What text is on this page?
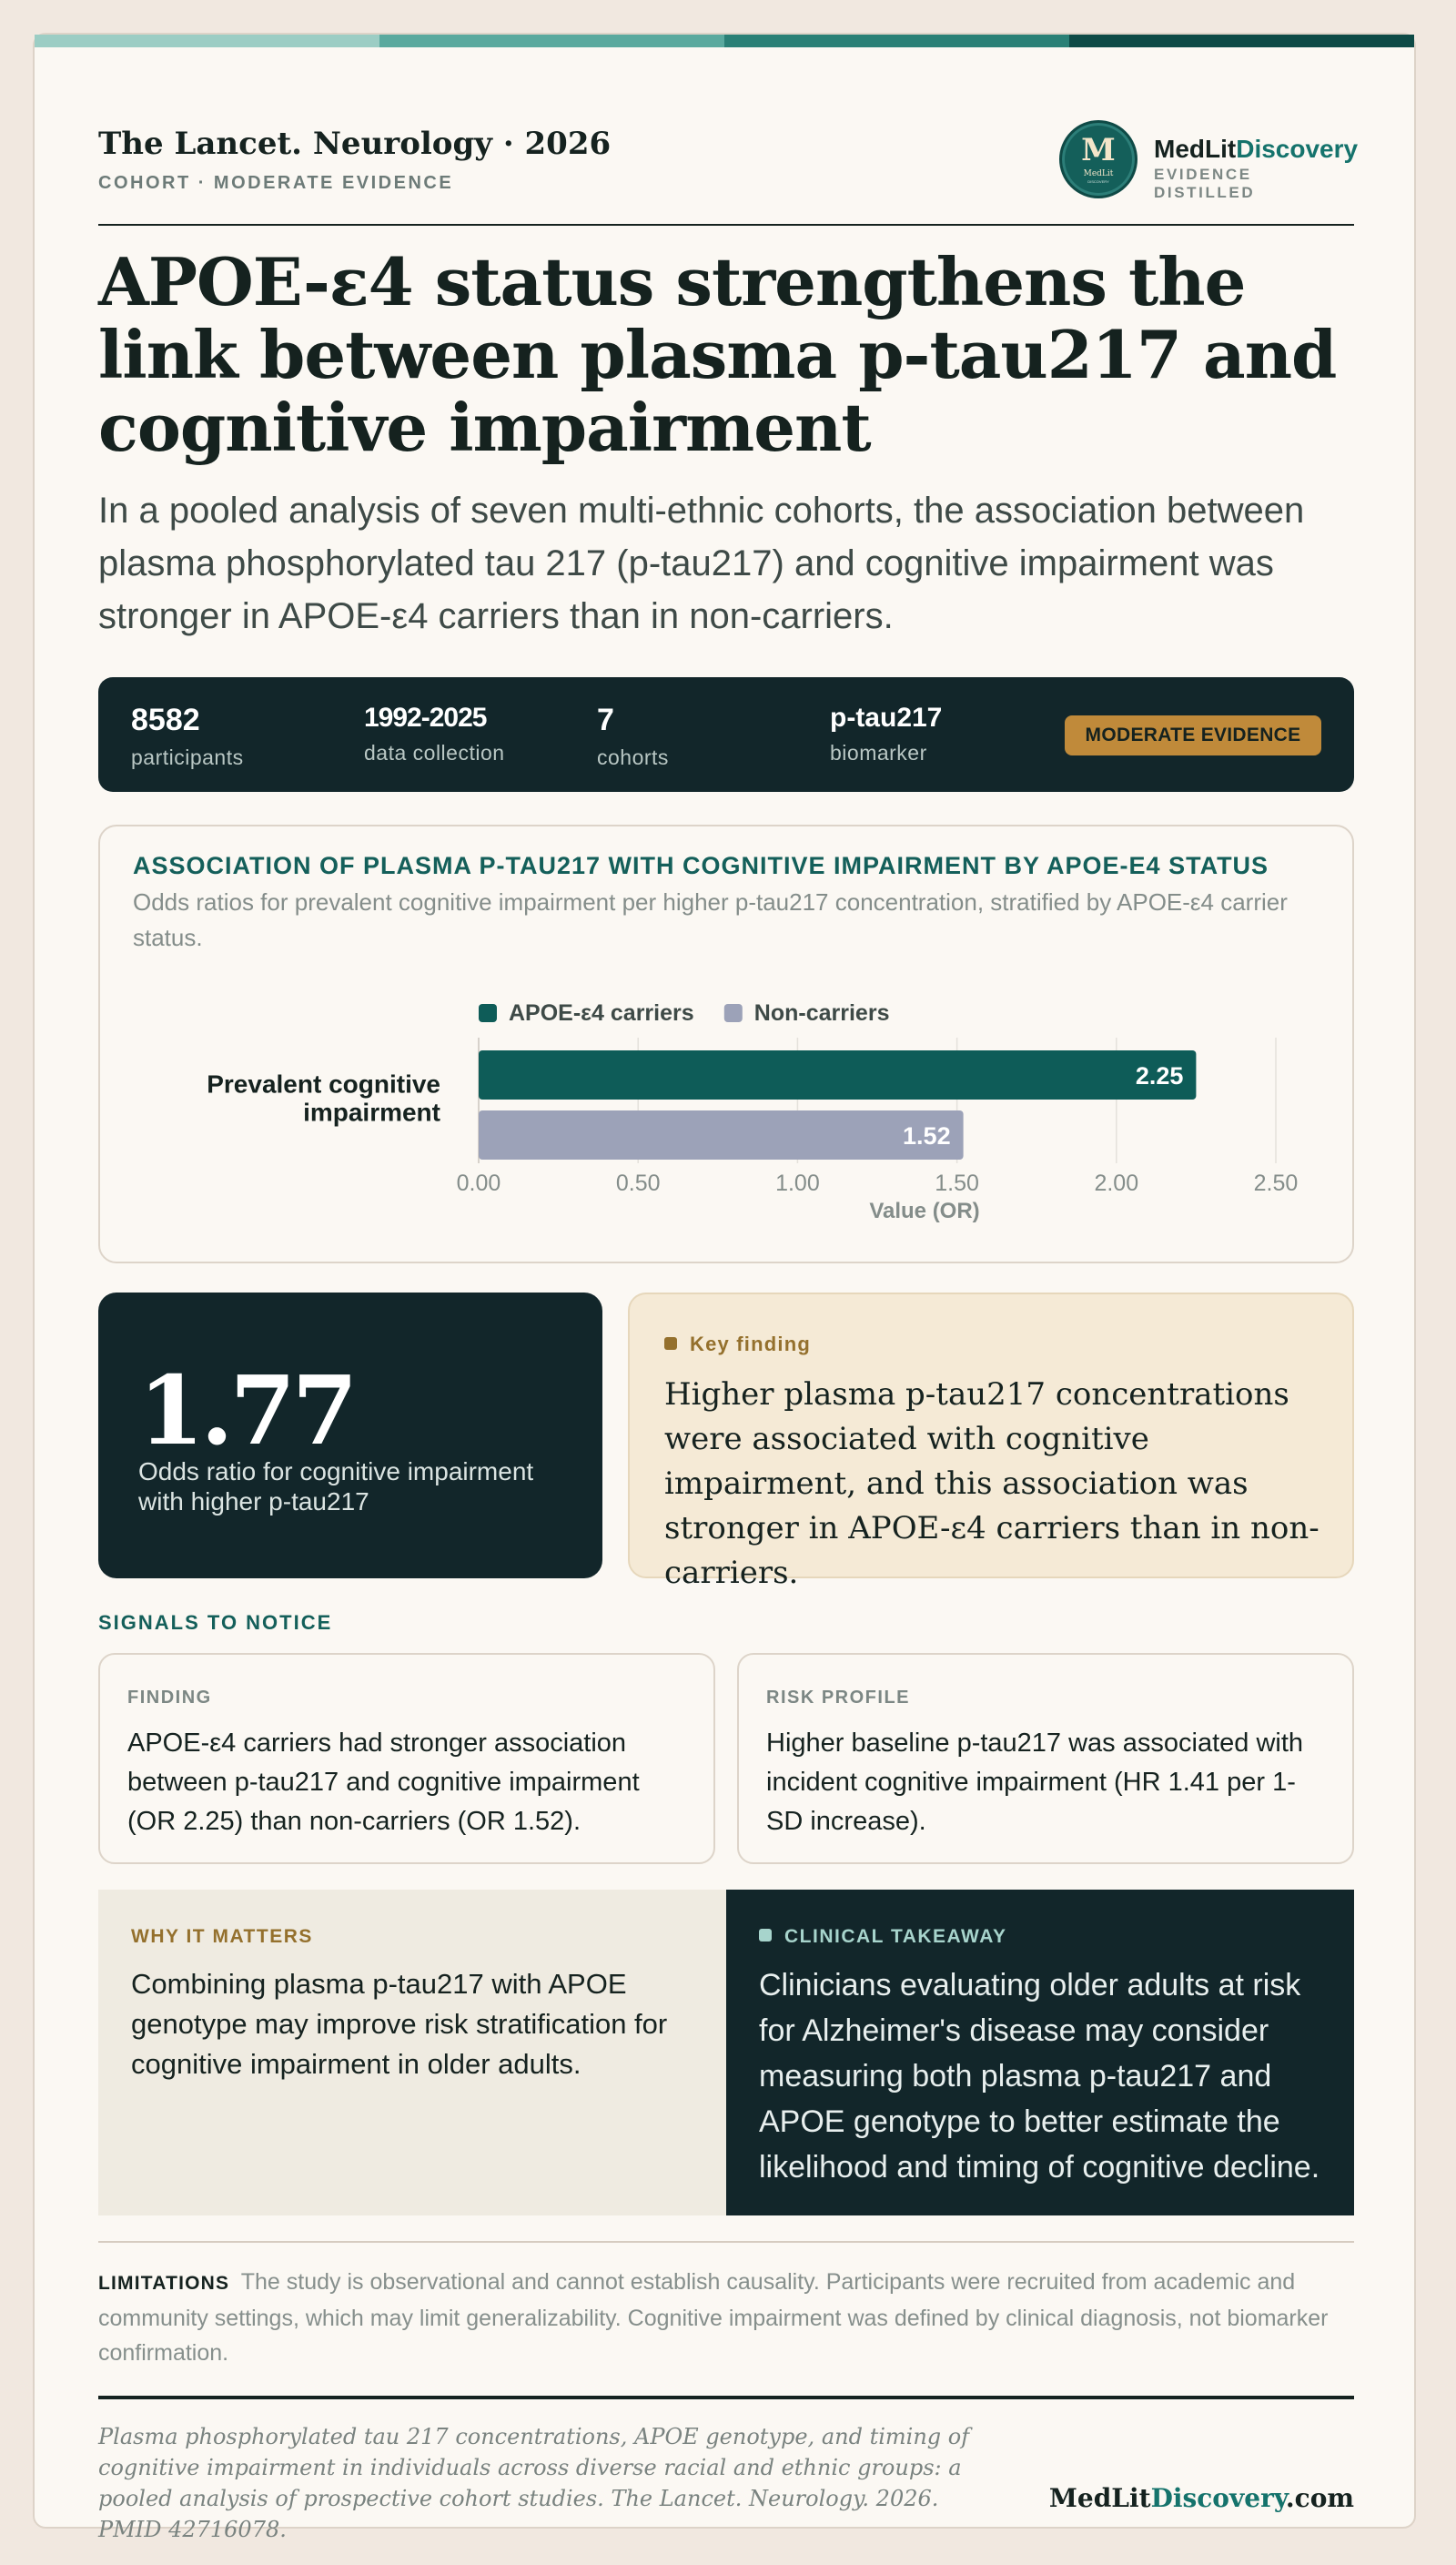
The Lancet. Neurology · 2026
COHORT · MODERATE EVIDENCE
M
MedLit
DISCOVERY
MedLitDiscovery
EVIDENCE DISTILLED
APOE-ε4 status strengthens the link between plasma p-tau217 and cognitive impairment

In a pooled analysis of seven multi-ethnic cohorts, the association between plasma phosphorylated tau 217 (p-tau217) and cognitive impairment was stronger in APOE-ε4 carriers than in non-carriers.

8582
participants
1992-2025
data collection
7
cohorts
p-tau217
biomarker
MODERATE EVIDENCE
ASSOCIATION OF PLASMA P-TAU217 WITH COGNITIVE IMPAIRMENT BY APOE-E4 STATUS
Odds ratios for prevalent cognitive impairment per higher p-tau217 concentration, stratified by APOE-ε4 carrier status.
0.00	0.50	1.00	1.50	2.00	2.50
Value (OR)
APOE-ε4 carriers	Non-carriers
Prevalent cognitive
impairment
2.25
1.52
1.77
Odds ratio for cognitive impairment with higher p-tau217
Key finding
Higher plasma p-tau217 concentrations were associated with cognitive impairment, and this association was stronger in APOE-ε4 carriers than in non-carriers.
SIGNALS TO NOTICE
FINDING
APOE-ε4 carriers had stronger association between p-tau217 and cognitive impairment (OR 2.25) than non-carriers (OR 1.52).
RISK PROFILE
Higher baseline p-tau217 was associated with incident cognitive impairment (HR 1.41 per 1-SD increase).
WHY IT MATTERS
Combining plasma p-tau217 with APOE genotype may improve risk stratification for cognitive impairment in older adults.
CLINICAL TAKEAWAY
Clinicians evaluating older adults at risk for Alzheimer's disease may consider measuring both plasma p-tau217 and APOE genotype to better estimate the likelihood and timing of cognitive decline.
LIMITATIONS The study is observational and cannot establish causality. Participants were recruited from academic and community settings, which may limit generalizability. Cognitive impairment was defined by clinical diagnosis, not biomarker confirmation.
Plasma phosphorylated tau 217 concentrations, APOE genotype, and timing of cognitive impairment in individuals across diverse racial and ethnic groups: a pooled analysis of prospective cohort studies. The Lancet. Neurology. 2026. PMID 42716078.
MedLitDiscovery.com
